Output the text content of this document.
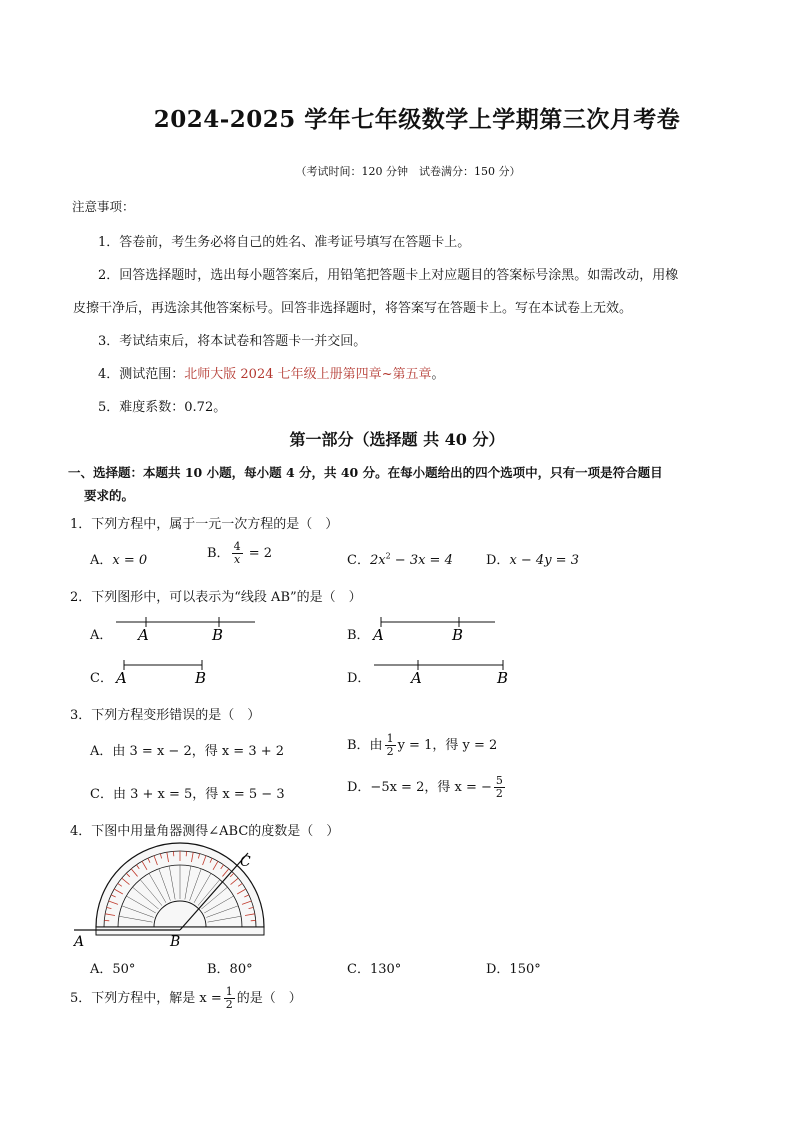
2024-2025 学年七年级数学上学期第三次月考卷
（考试时间：120 分钟　试卷满分：150 分）
注意事项：
1．答卷前，考生务必将自己的姓名、准考证号填写在答题卡上。
2．回答选择题时，选出每小题答案后，用铅笔把答题卡上对应题目的答案标号涂黑。如需改动，用橡
皮擦干净后，再选涂其他答案标号。回答非选择题时，将答案写在答题卡上。写在本试卷上无效。
3．考试结束后，将本试卷和答题卡一并交回。
4．测试范围：北师大版 2024 七年级上册第四章~第五章。
5．难度系数：0.72。
第一部分（选择题 共 40 分）
一、选择题：本题共 10 小题，每小题 4 分，共 40 分。在每小题给出的四个选项中，只有一项是符合题目
要求的。
1．下列方程中，属于一元一次方程的是（　）
A．x = 0	B． $\frac{4}{x} = 2$	C．$2x^2 - 3x = 4$	D．x − 4y = 3
2．下列图形中，可以表示为“线段 AB”的是（　）
A．	B．
C．	D．
A	B	A	B
A	B	A	B
3．下列方程变形错误的是（　）
A．由 3 = x − 2，得 x = 3 + 2	B．由 $\frac{1}{2}$ y = 1，得 y = 2
C．由 3 + x = 5，得 x = 5 − 3	D．−5x = 2，得 x = − $\frac{5}{2}$
4．下图中用量角器测得∠ABC的度数是（　）
A	B
C
A．50°	B．80°	C．130°	D．150°
5．下列方程中，解是 $x = \frac{1}{2}$ 的是（　）
